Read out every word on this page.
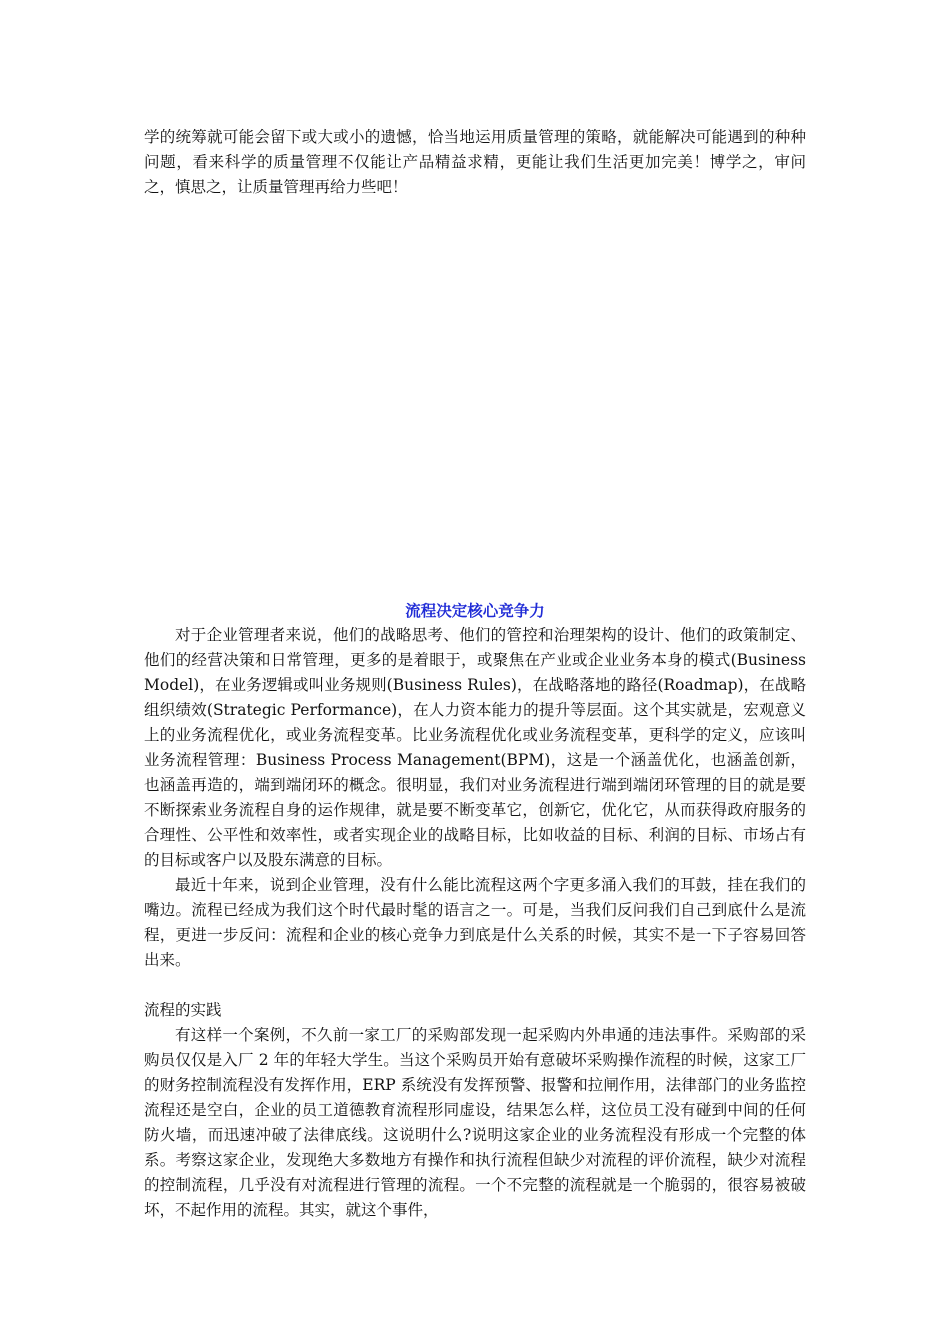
学的统筹就可能会留下或大或小的遗憾，恰当地运用质量管理的策略，就能解决可能遇到的种种问题，看来科学的质量管理不仅能让产品精益求精，更能让我们生活更加完美！博学之，审问之，慎思之，让质量管理再给力些吧！

流程决定核心竞争力

对于企业管理者来说，他们的战略思考、他们的管控和治理架构的设计、他们的政策制定、他们的经营决策和日常管理，更多的是着眼于，或聚焦在产业或企业业务本身的模式(Business Model)，在业务逻辑或叫业务规则(Business Rules)，在战略落地的路径(Roadmap)，在战略组织绩效(Strategic Performance)，在人力资本能力的提升等层面。这个其实就是，宏观意义上的业务流程优化，或业务流程变革。比业务流程优化或业务流程变革，更科学的定义，应该叫业务流程管理：Business Process Management(BPM)，这是一个涵盖优化，也涵盖创新，也涵盖再造的，端到端闭环的概念。很明显，我们对业务流程进行端到端闭环管理的目的就是要不断探索业务流程自身的运作规律，就是要不断变革它，创新它，优化它，从而获得政府服务的合理性、公平性和效率性，或者实现企业的战略目标，比如收益的目标、利润的目标、市场占有的目标或客户以及股东满意的目标。

最近十年来，说到企业管理，没有什么能比流程这两个字更多涌入我们的耳鼓，挂在我们的嘴边。流程已经成为我们这个时代最时髦的语言之一。可是，当我们反问我们自己到底什么是流程，更进一步反问：流程和企业的核心竞争力到底是什么关系的时候，其实不是一下子容易回答出来。

流程的实践

有这样一个案例，不久前一家工厂的采购部发现一起采购内外串通的违法事件。采购部的采购员仅仅是入厂 2 年的年轻大学生。当这个采购员开始有意破坏采购操作流程的时候，这家工厂的财务控制流程没有发挥作用，ERP 系统没有发挥预警、报警和拉闸作用，法律部门的业务监控流程还是空白，企业的员工道德教育流程形同虚设，结果怎么样，这位员工没有碰到中间的任何防火墙，而迅速冲破了法律底线。这说明什么?说明这家企业的业务流程没有形成一个完整的体系。考察这家企业，发现绝大多数地方有操作和执行流程但缺少对流程的评价流程，缺少对流程的控制流程，几乎没有对流程进行管理的流程。一个不完整的流程就是一个脆弱的，很容易被破坏，不起作用的流程。其实，就这个事件，
